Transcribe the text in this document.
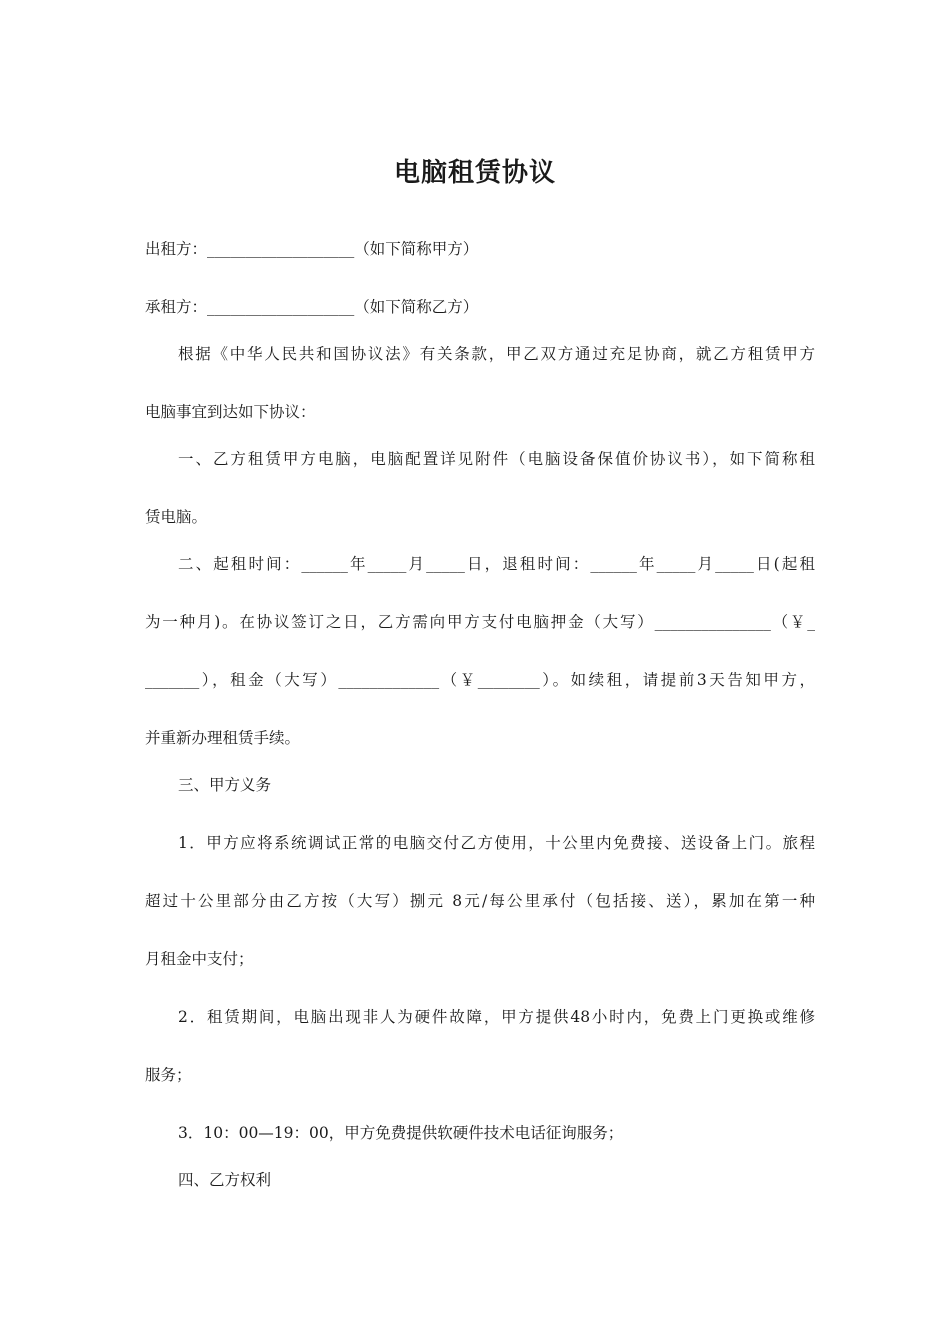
电脑租赁协议

出租方：___________________（如下简称甲方）

承租方：___________________（如下简称乙方）

根据《中华人民共和国协议法》有关条款，甲乙双方通过充足协商，就乙方租赁甲方

电脑事宜到达如下协议：

一、乙方租赁甲方电脑，电脑配置详见附件（电脑设备保值价协议书），如下简称租

赁电脑。

二、起租时间：______年_____月_____日，退租时间：______年_____月_____日(起租

为一种月)。在协议签订之日，乙方需向甲方支付电脑押金（大写）_______________（￥_

_______），租金（大写）_____________（￥________）。如续租，请提前3天告知甲方，

并重新办理租赁手续。

三、甲方义务

1．甲方应将系统调试正常的电脑交付乙方使用，十公里内免费接、送设备上门。旅程

超过十公里部分由乙方按（大写）捌元 8元/每公里承付（包括接、送），累加在第一种

月租金中支付；

2．租赁期间，电脑出现非人为硬件故障，甲方提供48小时内，免费上门更换或维修

服务；

3．10：00—19：00，甲方免费提供软硬件技术电话征询服务；

四、乙方权利
